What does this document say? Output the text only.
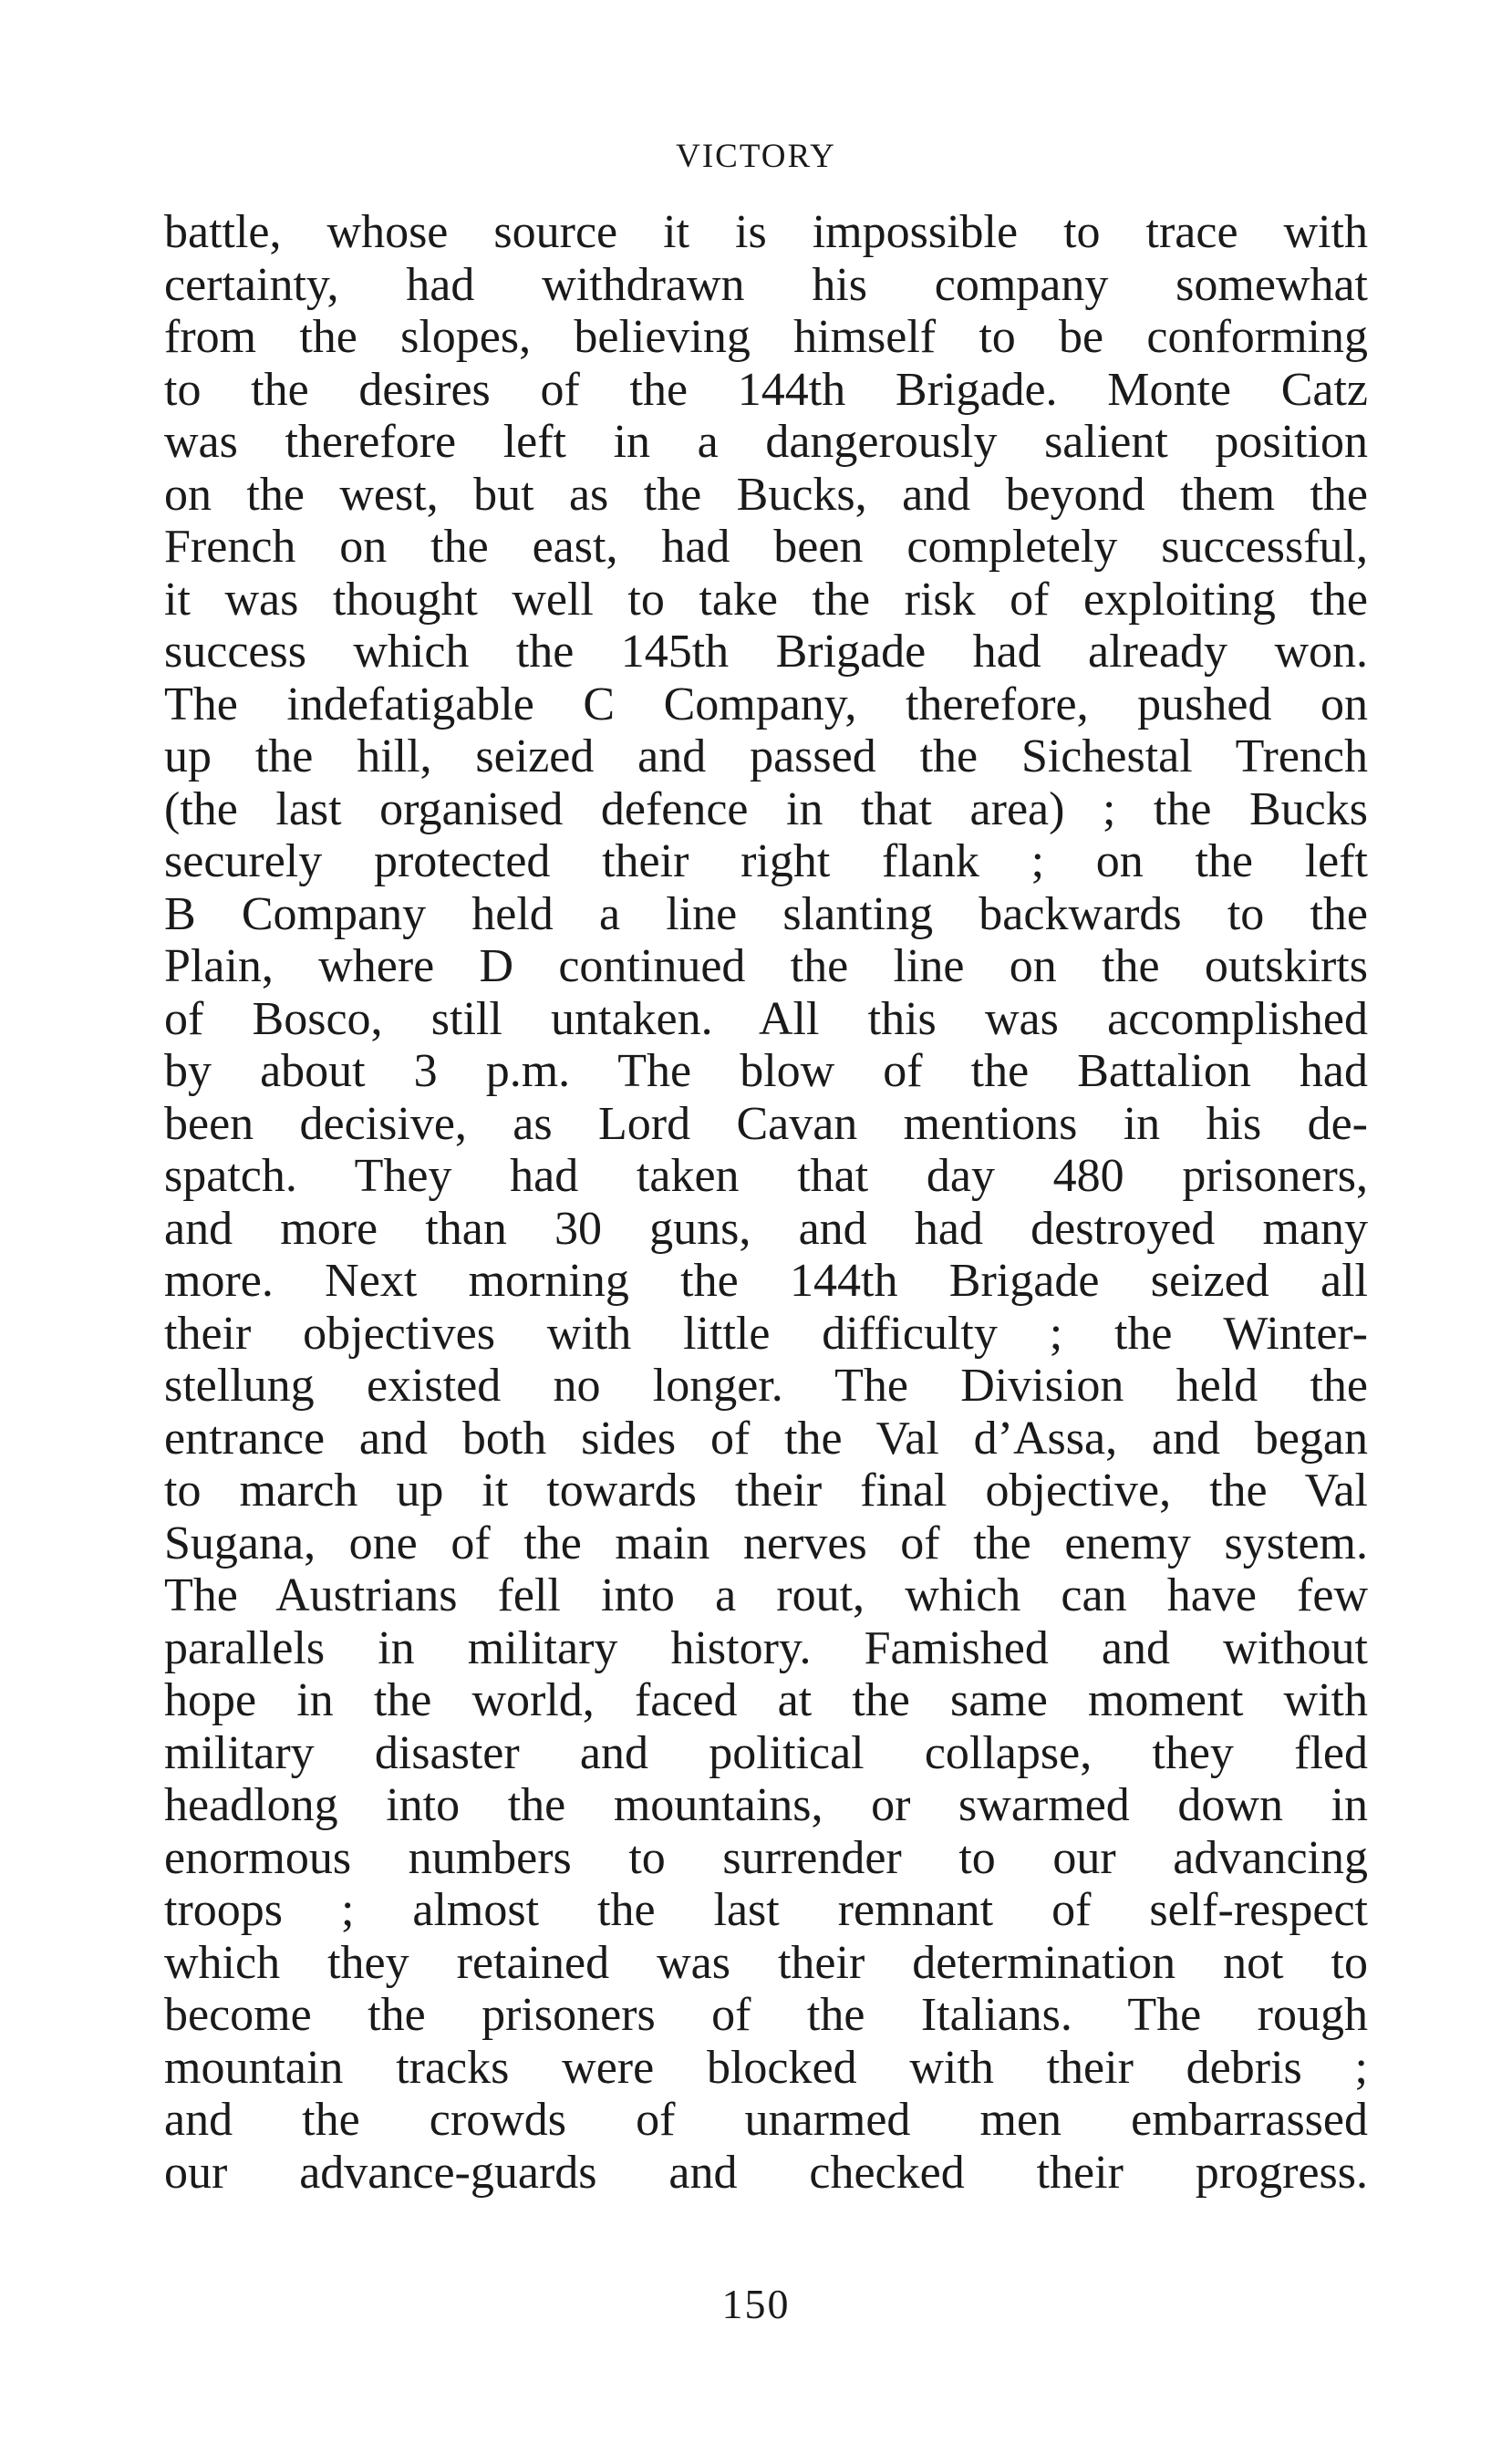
VICTORY
battle, whose source it is impossible to trace with
certainty, had withdrawn his company somewhat
from the slopes, believing himself to be conforming
to the desires of the 144th Brigade. Monte Catz
was therefore left in a dangerously salient position
on the west, but as the Bucks, and beyond them the
French on the east, had been completely successful,
it was thought well to take the risk of exploiting the
success which the 145th Brigade had already won.
The indefatigable C Company, therefore, pushed on
up the hill, seized and passed the Sichestal Trench
(the last organised defence in that area) ; the Bucks
securely protected their right flank ; on the left
B Company held a line slanting backwards to the
Plain, where D continued the line on the outskirts
of Bosco, still untaken. All this was accomplished
by about 3 p.m. The blow of the Battalion had
been decisive, as Lord Cavan mentions in his de-
spatch. They had taken that day 480 prisoners,
and more than 30 guns, and had destroyed many
more. Next morning the 144th Brigade seized all
their objectives with little difficulty ; the Winter-
stellung existed no longer. The Division held the
entrance and both sides of the Val d’Assa, and began
to march up it towards their final objective, the Val
Sugana, one of the main nerves of the enemy system.
The Austrians fell into a rout, which can have few
parallels in military history. Famished and without
hope in the world, faced at the same moment with
military disaster and political collapse, they fled
headlong into the mountains, or swarmed down in
enormous numbers to surrender to our advancing
troops ; almost the last remnant of self-respect
which they retained was their determination not to
become the prisoners of the Italians. The rough
mountain tracks were blocked with their debris ;
and the crowds of unarmed men embarrassed
our advance-guards and checked their progress.
150
